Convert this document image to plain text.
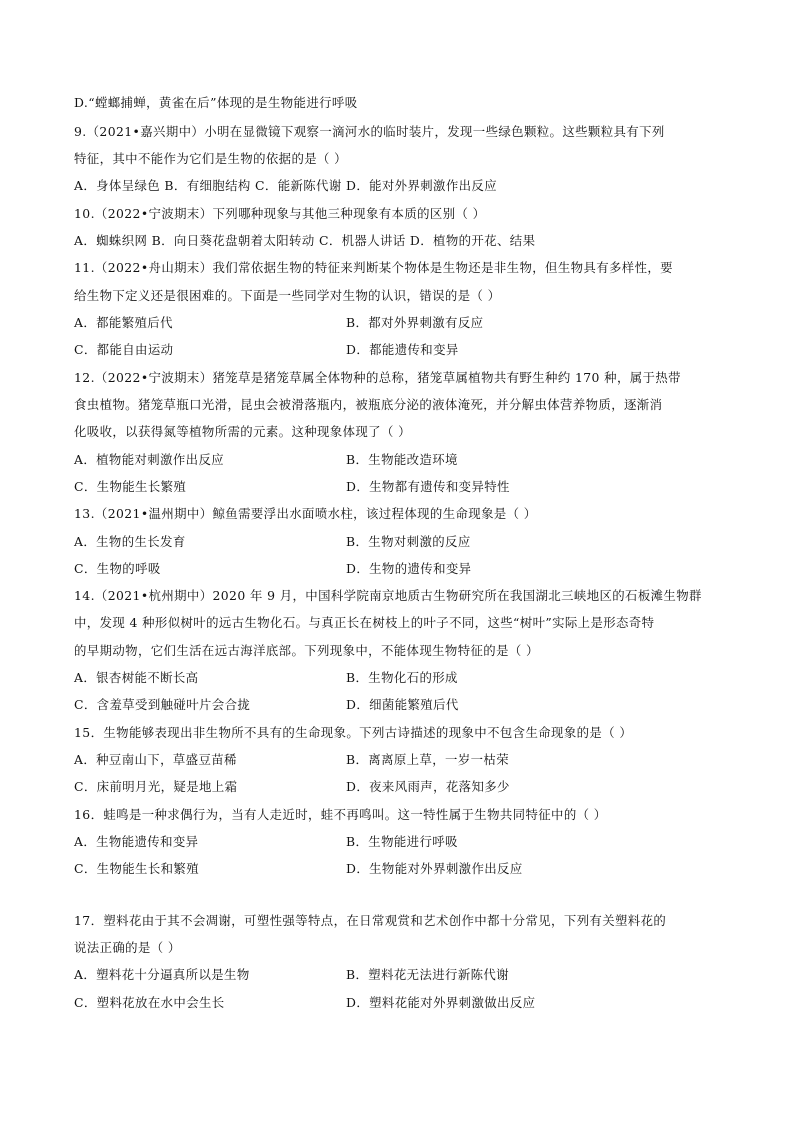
D.“螳螂捕蝉，黄雀在后”体现的是生物能进行呼吸
9.（2021•嘉兴期中）小明在显微镜下观察一滴河水的临时装片，发现一些绿色颗粒。这些颗粒具有下列
特征，其中不能作为它们是生物的依据的是（ ）
A．身体呈绿色 B．有细胞结构 C．能新陈代谢 D．能对外界刺激作出反应
10.（2022•宁波期末）下列哪种现象与其他三种现象有本质的区别（ ）
A．蜘蛛织网 B．向日葵花盘朝着太阳转动 C．机器人讲话 D．植物的开花、结果
11.（2022•舟山期末）我们常依据生物的特征来判断某个物体是生物还是非生物，但生物具有多样性，要
给生物下定义还是很困难的。下面是一些同学对生物的认识，错误的是（ ）
A．都能繁殖后代	B．都对外界刺激有反应
C．都能自由运动	D．都能遗传和变异
12.（2022•宁波期末）猪笼草是猪笼草属全体物种的总称，猪笼草属植物共有野生种约 170 种，属于热带
食虫植物。猪笼草瓶口光滑，昆虫会被滑落瓶内，被瓶底分泌的液体淹死，并分解虫体营养物质，逐渐消
化吸收，以获得氮等植物所需的元素。这种现象体现了（ ）
A．植物能对刺激作出反应	B．生物能改造环境
C．生物能生长繁殖	D．生物都有遗传和变异特性
13.（2021•温州期中）鲸鱼需要浮出水面喷水柱，该过程体现的生命现象是（ ）
A．生物的生长发育	B．生物对刺激的反应
C．生物的呼吸	D．生物的遗传和变异
14.（2021•杭州期中）2020 年 9 月，中国科学院南京地质古生物研究所在我国湖北三峡地区的石板滩生物群
中，发现 4 种形似树叶的远古生物化石。与真正长在树枝上的叶子不同，这些“树叶”实际上是形态奇特
的早期动物，它们生活在远古海洋底部。下列现象中，不能体现生物特征的是（ ）
A．银杏树能不断长高	B．生物化石的形成
C．含羞草受到触碰叶片会合拢	D．细菌能繁殖后代
15．生物能够表现出非生物所不具有的生命现象。下列古诗描述的现象中不包含生命现象的是（ ）
A．种豆南山下，草盛豆苗稀	B．离离原上草，一岁一枯荣
C．床前明月光，疑是地上霜	D．夜来风雨声，花落知多少
16．蛙鸣是一种求偶行为，当有人走近时，蛙不再鸣叫。这一特性属于生物共同特征中的（ ）
A．生物能遗传和变异	B．生物能进行呼吸
C．生物能生长和繁殖	D．生物能对外界刺激作出反应
17．塑料花由于其不会凋谢，可塑性强等特点，在日常观赏和艺术创作中都十分常见，下列有关塑料花的
说法正确的是（ ）
A．塑料花十分逼真所以是生物	B．塑料花无法进行新陈代谢
C．塑料花放在水中会生长	D．塑料花能对外界刺激做出反应
